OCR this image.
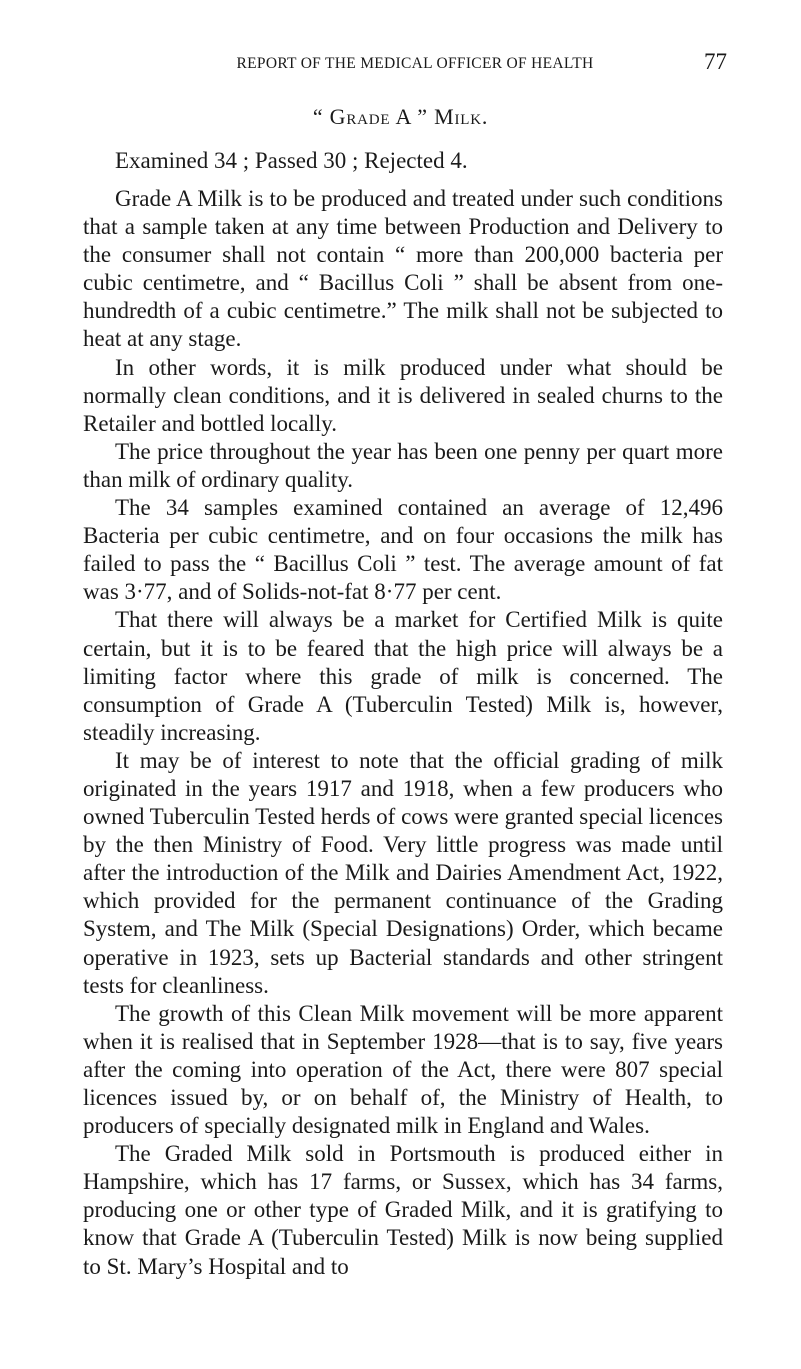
REPORT OF THE MEDICAL OFFICER OF HEALTH	77
“ Grade A ” Milk.
Examined 34 ; Passed 30 ; Rejected 4.

Grade A Milk is to be produced and treated under such conditions that a sample taken at any time between Production and Delivery to the consumer shall not contain “ more than 200,000 bacteria per cubic centimetre, and “ Bacillus Coli ” shall be absent from one-hundredth of a cubic centimetre.” The milk shall not be subjected to heat at any stage.

In other words, it is milk produced under what should be normally clean conditions, and it is delivered in sealed churns to the Retailer and bottled locally.

The price throughout the year has been one penny per quart more than milk of ordinary quality.

The 34 samples examined contained an average of 12,496 Bacteria per cubic centimetre, and on four occasions the milk has failed to pass the “ Bacillus Coli ” test. The average amount of fat was 3·77, and of Solids-not-fat 8·77 per cent.

That there will always be a market for Certified Milk is quite certain, but it is to be feared that the high price will always be a limiting factor where this grade of milk is concerned. The consumption of Grade A (Tuberculin Tested) Milk is, however, steadily increasing.

It may be of interest to note that the official grading of milk originated in the years 1917 and 1918, when a few producers who owned Tuberculin Tested herds of cows were granted special licences by the then Ministry of Food. Very little progress was made until after the introduction of the Milk and Dairies Amendment Act, 1922, which provided for the permanent continuance of the Grading System, and The Milk (Special Designations) Order, which became operative in 1923, sets up Bacterial standards and other stringent tests for cleanliness.

The growth of this Clean Milk movement will be more apparent when it is realised that in September 1928—that is to say, five years after the coming into operation of the Act, there were 807 special licences issued by, or on behalf of, the Ministry of Health, to producers of specially designated milk in England and Wales.

The Graded Milk sold in Portsmouth is produced either in Hampshire, which has 17 farms, or Sussex, which has 34 farms, producing one or other type of Graded Milk, and it is gratifying to know that Grade A (Tuberculin Tested) Milk is now being supplied to St. Mary’s Hospital and to
